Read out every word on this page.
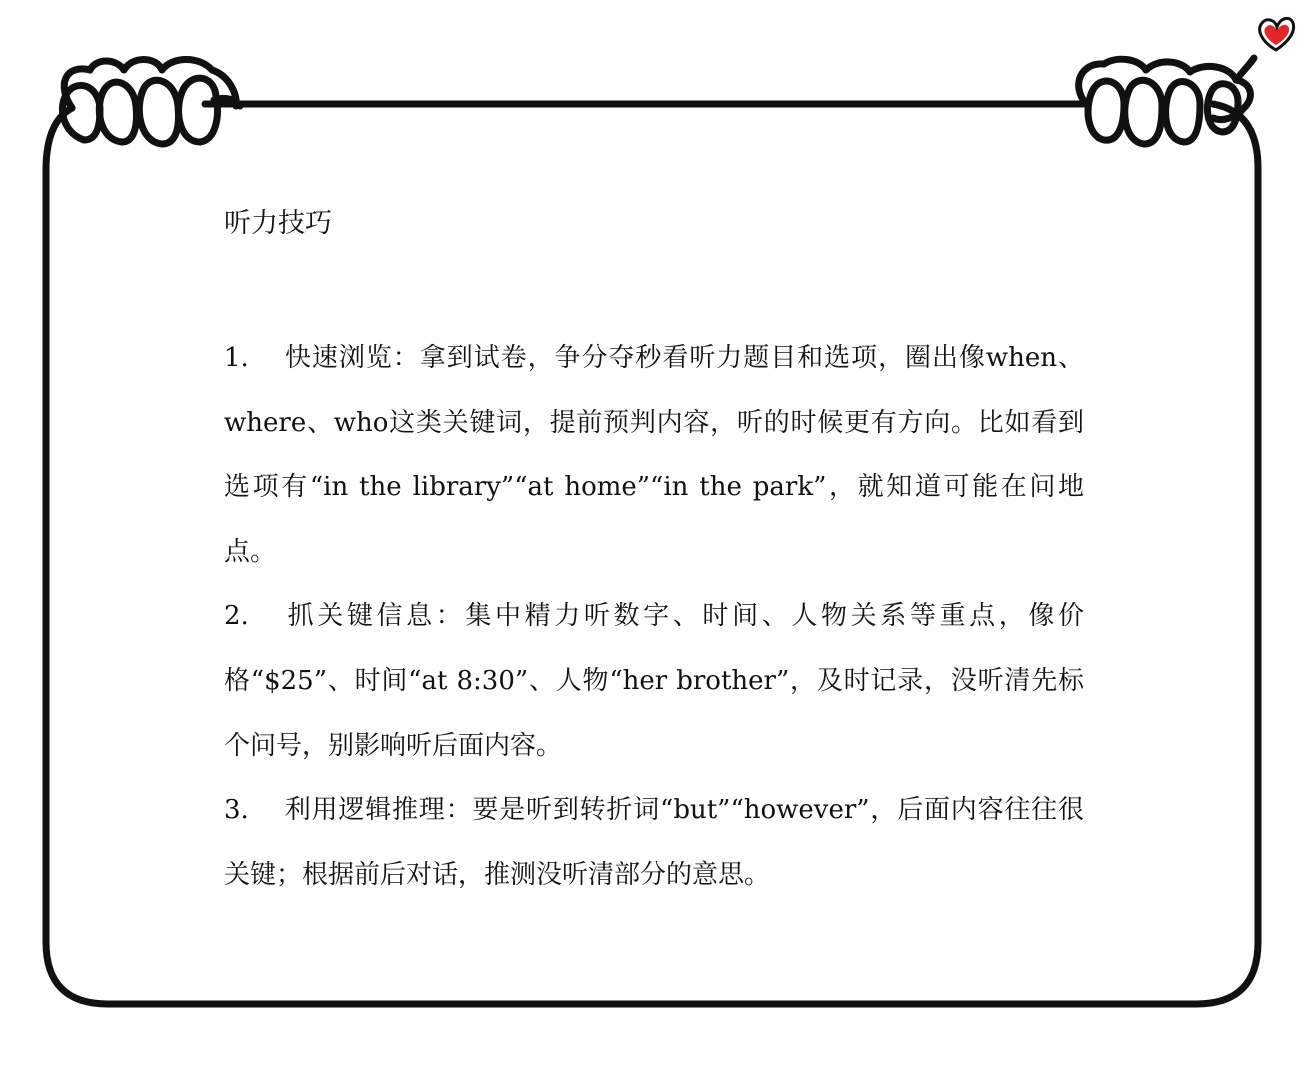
听力技巧

1. 快速浏览：拿到试卷，争分夺秒看听力题目和选项，圈出像when、where、who这类关键词，提前预判内容，听的时候更有方向。比如看到选项有“in the library”“at home”“in the park”，就知道可能在问地点。

2. 抓关键信息：集中精力听数字、时间、人物关系等重点，像价格“$25”、时间“at 8:30”、人物“her brother”，及时记录，没听清先标个问号，别影响听后面内容。

3. 利用逻辑推理：要是听到转折词“but”“however”，后面内容往往很关键；根据前后对话，推测没听清部分的意思。
